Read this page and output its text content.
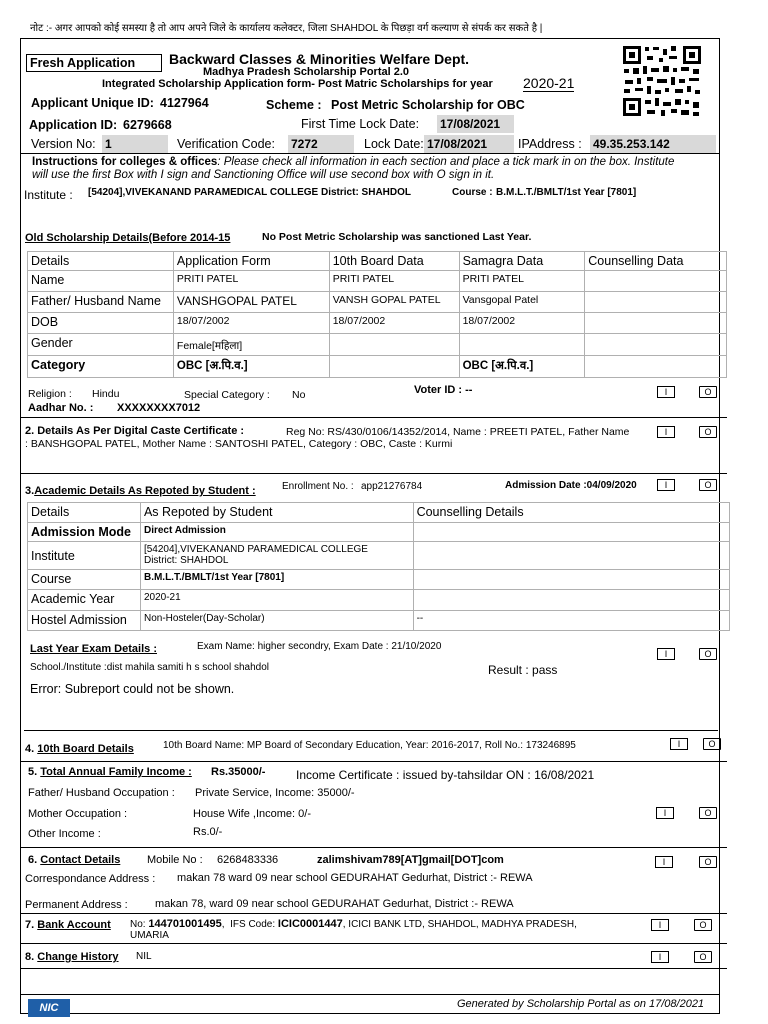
नोट :- अगर आपको कोई समस्या है तो आप अपने जिले के कार्यालय कलेक्टर, जिला SHAHDOL के पिछड़ा वर्ग कल्याण से संपर्क कर सकते है |
Fresh Application	Backward Classes & Minorities Welfare Dept.
Madhya Pradesh Scholarship Portal 2.0
Integrated Scholarship Application form- Post Matric Scholarships for year 2020-21
Applicant Unique ID: 4127964	Scheme : Post Metric Scholarship for OBC
Application ID: 6279668	First Time Lock Date: 17/08/2021
Version No: 1	Verification Code: 7272	Lock Date: 17/08/2021	IPAddress : 49.35.253.142
Instructions for colleges & offices: Please check all information in each section and place a tick mark in on the box. Institute
will use the first Box with I sign and Sanctioning Office will use second box with O sign in it.
Institute : [54204],VIVEKANAND PARAMEDICAL COLLEGE District: SHAHDOL	Course : B.M.L.T./BMLT/1st Year [7801]
Old Scholarship Details(Before 2014-15	No Post Metric Scholarship was sanctioned Last Year.
Details	Application Form	10th Board Data	Samagra Data	Counselling Data
Name	PRITI PATEL	PRITI PATEL	PRITI PATEL	
Father/ Husband Name	VANSHGOPAL PATEL	VANSH GOPAL PATEL	Vansgopal Patel	
DOB	18/07/2002	18/07/2002	18/07/2002	
Gender	Female[महिला]			
Category	OBC [अ.पि.व.]		OBC [अ.पि.व.]	
Religion : Hindu	Special Category : No	Voter ID : --
Aadhar No. : XXXXXXXX7012
I	O
2. Details As Per Digital Caste Certificate :	Reg No: RS/430/0106/14352/2014, Name : PREETI PATEL, Father Name
: BANSHGOPAL PATEL, Mother Name : SANTOSHI PATEL, Category : OBC, Caste : Kurmi
I	O
3.Academic Details As Repoted by Student :	Enrollment No. : app21276784	Admission Date :04/09/2020	I	O
Details	As Repoted by Student	Counselling Details
Admission Mode	Direct Admission	
Institute	[54204],VIVEKANAND PARAMEDICAL COLLEGE
District: SHAHDOL	
Course	B.M.L.T./BMLT/1st Year [7801]	
Academic Year	2020-21	
Hostel Admission	Non-Hosteler(Day-Scholar)	--
Last Year Exam Details :	Exam Name: higher secondry, Exam Date : 21/10/2020
School./Institute :dist mahila samiti h s school shahdol	Result : pass
Error: Subreport could not be shown.
I	O
4. 10th Board Details	10th Board Name: MP Board of Secondary Education, Year: 2016-2017, Roll No.: 173246895	I	O
5. Total Annual Family Income : Rs.35000/-	Income Certificate : issued by-tahsildar ON : 16/08/2021
Father/ Husband Occupation : Private Service, Income: 35000/-
Mother Occupation :	House Wife ,Income: 0/-
Other Income :	Rs.0/-
I	O
6. Contact Details Mobile No : 6268483336	zalimshivam789[AT]gmail[DOT]com
Correspondance Address : makan 78 ward 09 near school GEDURAHAT Gedurhat, District :- REWA
Permanent Address : makan 78, ward 09 near school GEDURAHAT Gedurhat, District :- REWA
I	O
7. Bank Account No: 144701001495,  IFS Code: ICIC0001447, ICICI BANK LTD, SHAHDOL, MADHYA PRADESH,
UMARIA
I	O
8. Change History NIL	I	O
NIC	Generated by Scholarship Portal as on 17/08/2021
